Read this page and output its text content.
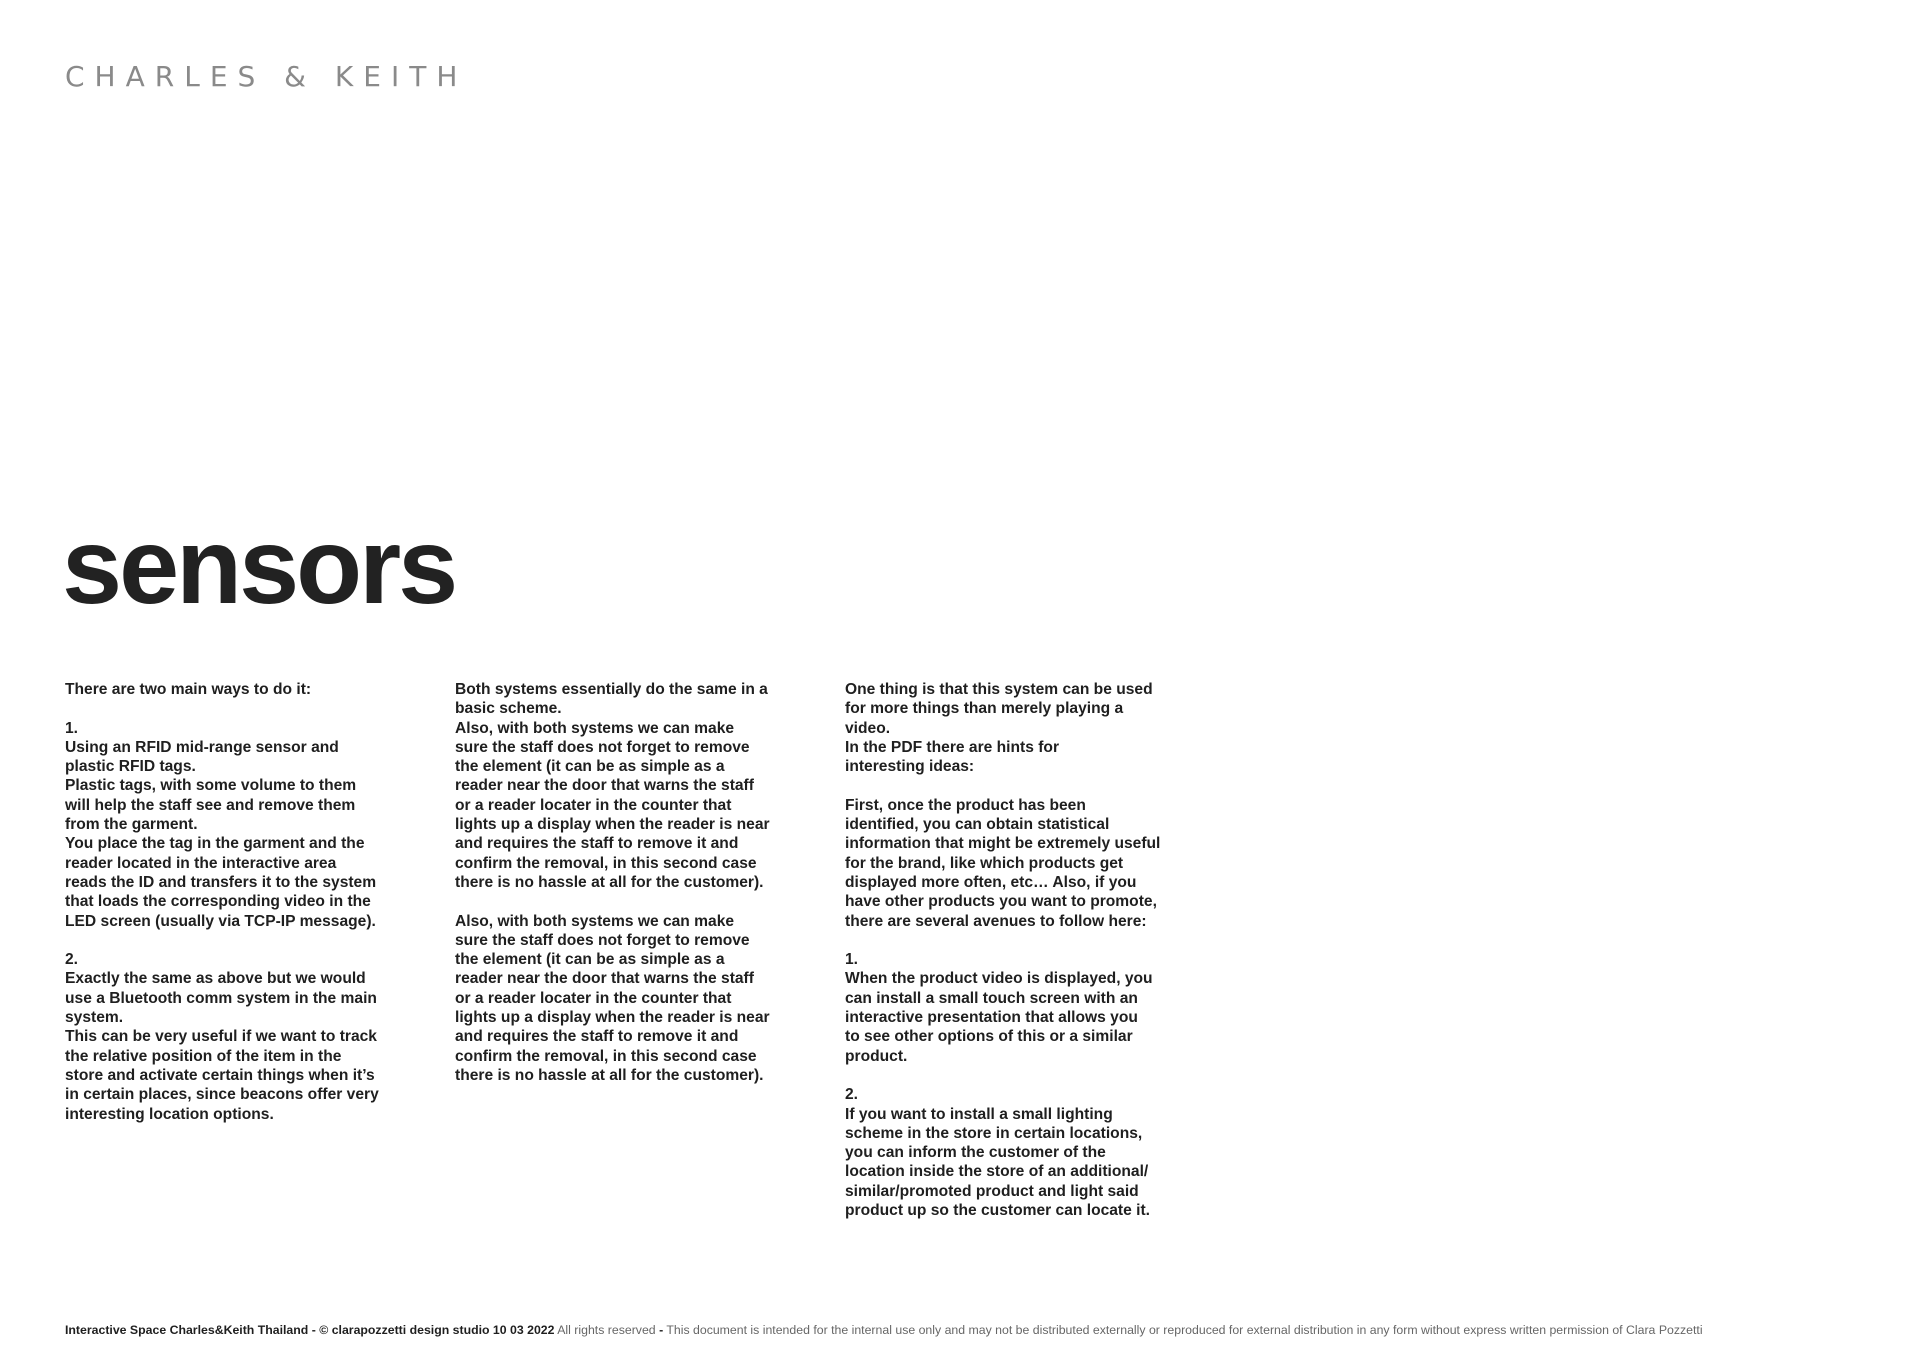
CHARLES & KEITH
sensors

There are two main ways to do it:

1.
Using an RFID mid-range sensor and
plastic RFID tags.
Plastic tags, with some volume to them
will help the staff see and remove them
from the garment.
You place the tag in the garment and the
reader located in the interactive area
reads the ID and transfers it to the system
that loads the corresponding video in the
LED screen (usually via TCP-IP message).

2.
Exactly the same as above but we would
use a Bluetooth comm system in the main
system.
This can be very useful if we want to track
the relative position of the item in the
store and activate certain things when it’s
in certain places, since beacons offer very
interesting location options.

Both systems essentially do the same in a
basic scheme.
Also, with both systems we can make
sure the staff does not forget to remove
the element (it can be as simple as a
reader near the door that warns the staff
or a reader locater in the counter that
lights up a display when the reader is near
and requires the staff to remove it and
confirm the removal, in this second case
there is no hassle at all for the customer).

Also, with both systems we can make
sure the staff does not forget to remove
the element (it can be as simple as a
reader near the door that warns the staff
or a reader locater in the counter that
lights up a display when the reader is near
and requires the staff to remove it and
confirm the removal, in this second case
there is no hassle at all for the customer).

One thing is that this system can be used
for more things than merely playing a
video.
In the PDF there are hints for
interesting ideas:

First, once the product has been
identified, you can obtain statistical
information that might be extremely useful
for the brand, like which products get
displayed more often, etc… Also, if you
have other products you want to promote,
there are several avenues to follow here:

1.
When the product video is displayed, you
can install a small touch screen with an
interactive presentation that allows you
to see other options of this or a similar
product.

2.
If you want to install a small lighting
scheme in the store in certain locations,
you can inform the customer of the
location inside the store of an additional/
similar/promoted product and light said
product up so the customer can locate it.

Interactive Space Charles&Keith Thailand - © clarapozzetti design studio 10 03 2022 All rights reserved - This document is intended for the internal use only and may not be distributed externally or reproduced for external distribution in any form without express written permission of Clara Pozzetti
